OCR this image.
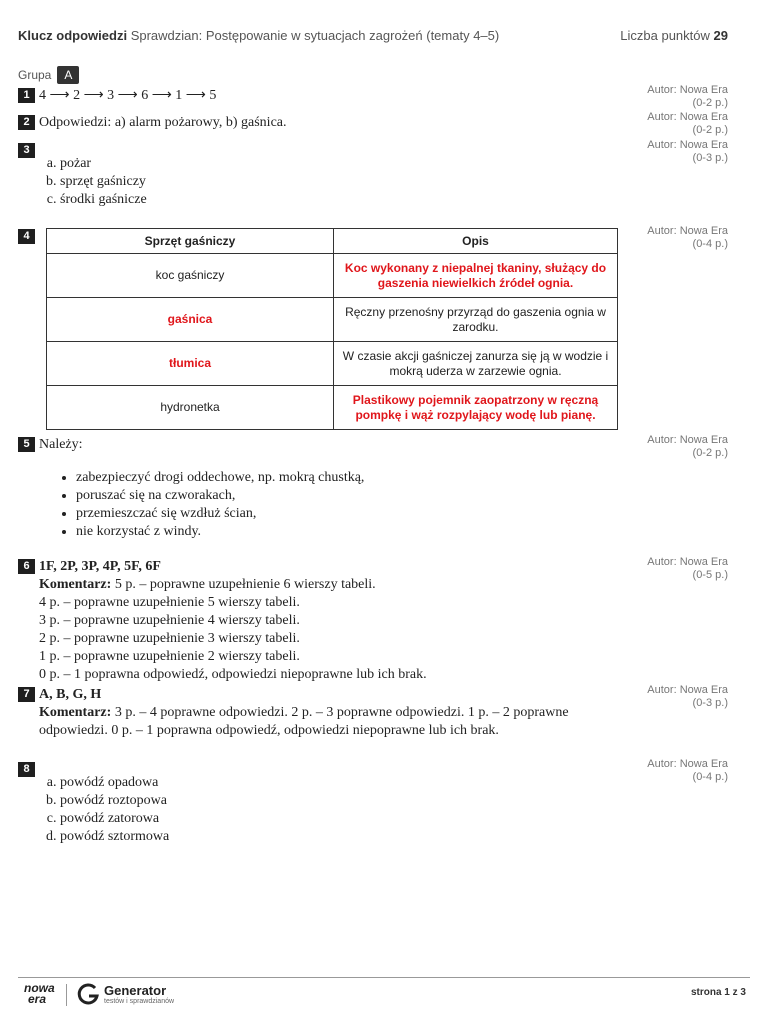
Klucz odpowiedzi Sprawdzian: Postępowanie w sytuacjach zagrożeń (tematy 4–5)	Liczba punktów 29
Grupa A
1 4 ⟶ 2 ⟶ 3 ⟶ 6 ⟶ 1 ⟶ 5	Autor: Nowa Era
(0-2 p.)
2 Odpowiedzi: a) alarm pożarowy, b) gaśnica.	Autor: Nowa Era
(0-2 p.)
3	Autor: Nowa Era
(0-3 p.)
a. pożar
b. sprzęt gaśniczy
c. środki gaśnicze
4	Autor: Nowa Era
(0-4 p.)
Sprzęt gaśniczy	Opis
koc gaśniczy	Koc wykonany z niepalnej tkaniny, służący do gaszenia niewielkich źródeł ognia.
gaśnica	Ręczny przenośny przyrząd do gaszenia ognia w zarodku.
tłumica	W czasie akcji gaśniczej zanurza się ją w wodzie i mokrą uderza w zarzewie ognia.
hydronetka	Plastikowy pojemnik zaopatrzony w ręczną pompkę i wąż rozpylający wodę lub pianę.
5 Należy:	Autor: Nowa Era
(0-2 p.)
• zabezpieczyć drogi oddechowe, np. mokrą chustką,
• poruszać się na czworakach,
• przemieszczać się wzdłuż ścian,
• nie korzystać z windy.
6 1F, 2P, 3P, 4P, 5F, 6F
Komentarz: 5 p. – poprawne uzupełnienie 6 wierszy tabeli.
4 p. – poprawne uzupełnienie 5 wierszy tabeli.
3 p. – poprawne uzupełnienie 4 wierszy tabeli.
2 p. – poprawne uzupełnienie 3 wierszy tabeli.
1 p. – poprawne uzupełnienie 2 wierszy tabeli.
0 p. – 1 poprawna odpowiedź, odpowiedzi niepoprawne lub ich brak.
Autor: Nowa Era
(0-5 p.)
7 A, B, G, H
Komentarz: 3 p. – 4 poprawne odpowiedzi. 2 p. – 3 poprawne odpowiedzi. 1 p. – 2 poprawne odpowiedzi. 0 p. – 1 poprawna odpowiedź, odpowiedzi niepoprawne lub ich brak.
Autor: Nowa Era
(0-3 p.)
8	Autor: Nowa Era
(0-4 p.)
a. powódź opadowa
b. powódź roztopowa
c. powódź zatorowa
d. powódź sztormowa
nowa
era
Generator
testów i sprawdzianów
strona 1 z 3
